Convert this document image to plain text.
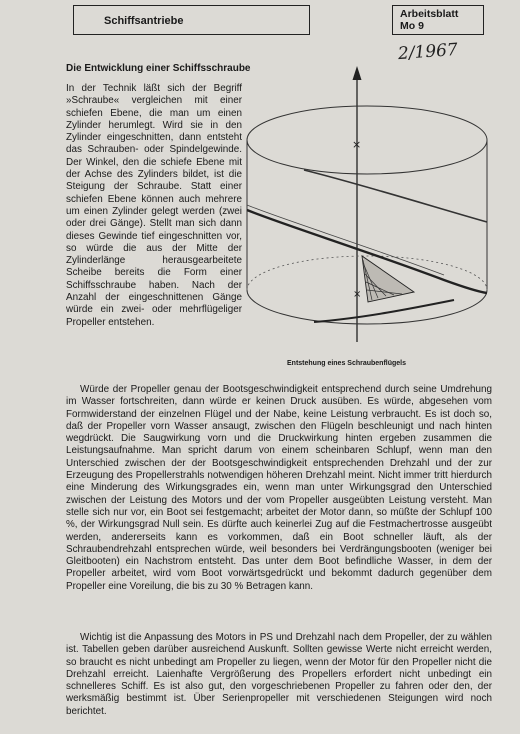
Schiffsantriebe
Arbeitsblatt
Mo 9
2/1967
Die Entwicklung einer Schiffsschraube
In der Technik läßt sich der Begriff »Schraube« vergleichen mit einer schiefen Ebene, die man um einen Zylinder herumlegt. Wird sie in den Zylinder eingeschnitten, dann entsteht das Schrauben- oder Spindelgewinde. Der Winkel, den die schiefe Ebene mit der Achse des Zylinders bildet, ist die Steigung der Schraube. Statt einer schiefen Ebene können auch mehrere um einen Zylinder gelegt werden (zwei oder drei Gänge). Stellt man sich dann dieses Gewinde tief eingeschnitten vor, so würde die aus der Mitte der Zylinderlänge herausgearbeitete Scheibe bereits die Form einer Schiffsschraube haben. Nach der Anzahl der eingeschnittenen Gänge würde ein zwei- oder mehrflügeliger Propeller entstehen.
×
×
Entstehung eines Schraubenflügels

Würde der Propeller genau der Bootsgeschwindigkeit entsprechend durch seine Umdrehung im Wasser fortschreiten, dann würde er keinen Druck ausüben. Es würde, abgesehen vom Formwiderstand der einzelnen Flügel und der Nabe, keine Leistung verbraucht. Es ist doch so, daß der Propeller vorn Wasser ansaugt, zwischen den Flügeln beschleunigt und nach hinten wegdrückt. Die Saugwirkung vorn und die Druckwirkung hinten ergeben zusammen die Leistungsaufnahme. Man spricht darum von einem scheinbaren Schlupf, wenn man den Unterschied zwischen der der Bootsgeschwindigkeit entsprechenden Drehzahl und der zur Erzeugung des Propellerstrahls notwendigen höheren Drehzahl meint. Nicht immer tritt hierdurch eine Minderung des Wirkungsgrades ein, wenn man unter Wirkungsgrad den Unterschied zwischen der Leistung des Motors und der vom Propeller ausgeübten Leistung versteht. Man stelle sich nur vor, ein Boot sei festgemacht; arbeitet der Motor dann, so müßte der Schlupf 100 %, der Wirkungsgrad Null sein. Es dürfte auch keinerlei Zug auf die Festmachertrosse ausgeübt werden, andererseits kann es vorkommen, daß ein Boot schneller läuft, als der Schraubendrehzahl entsprechen würde, weil besonders bei Verdrängungsbooten (weniger bei Gleitbooten) ein Nachstrom entsteht. Das unter dem Boot befindliche Wasser, in dem der Propeller arbeitet, wird vom Boot vorwärtsgedrückt und bekommt dadurch gegenüber dem Propeller eine Voreilung, die bis zu 30 % Betragen kann.

Wichtig ist die Anpassung des Motors in PS und Drehzahl nach dem Propeller, der zu wählen ist. Tabellen geben darüber ausreichend Auskunft. Sollten gewisse Werte nicht erreicht werden, so braucht es nicht unbedingt am Propeller zu liegen, wenn der Motor für den Propeller nicht die Drehzahl erreicht. Laienhafte Vergrößerung des Propellers erfordert nicht unbedingt ein schnelleres Schiff. Es ist also gut, den vorgeschriebenen Propeller zu fahren oder den, der werksmäßig bestimmt ist. Über Serienpropeller mit verschiedenen Steigungen wird noch berichtet.
